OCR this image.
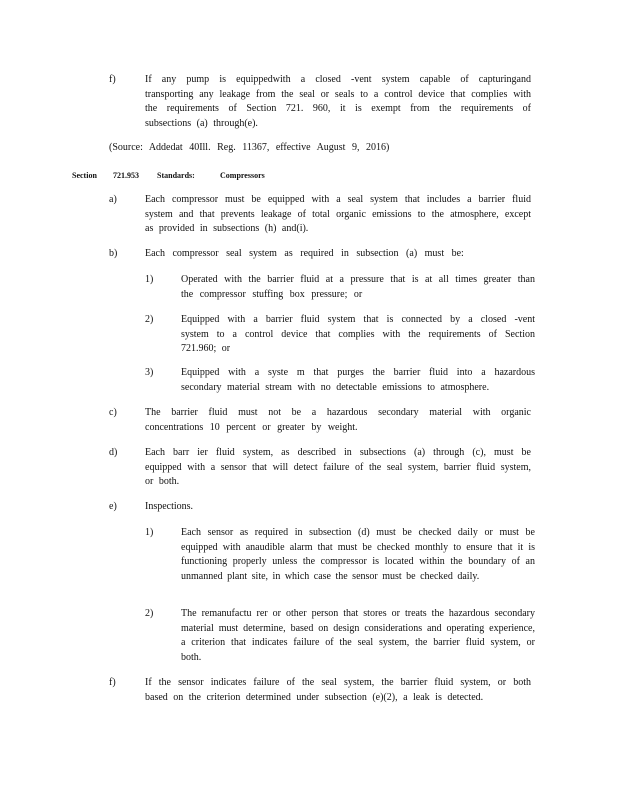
f)	If any pump is equippedwith a closed -vent system capable of capturingand transporting any leakage from the seal or seals to a control device that complies with the requirements of Section 721. 960, it is exempt from the requirements of subsections (a) through(e).
(Source: Addedat 40Ill. Reg. 11367, effective August 9, 2016)
Section 721.953 Standards:	Compressors
a)	Each compressor must be equipped with a seal system that includes a barrier fluid system and that prevents leakage of total organic emissions to the atmosphere, except as provided in subsections (h) and(i).
b)	Each compressor seal system as required in subsection (a) must be:
1)	Operated with the barrier fluid at a pressure that is at all times greater than the compressor stuffing box pressure; or
2)	Equipped with a barrier fluid system that is connected by a closed -vent system to a control device that complies with the requirements of Section 721.960; or
3)	Equipped with a syste m that purges the barrier fluid into a hazardous secondary material stream with no detectable emissions to atmosphere.
c)	The barrier fluid must not be a hazardous secondary material with organic concentrations 10 percent or greater by weight.
d)	Each barr ier fluid system, as described in subsections (a) through (c), must be equipped with a sensor that will detect failure of the seal system, barrier fluid system, or both.
e)	Inspections.
1)	Each sensor as required in subsection (d) must be checked daily or must be equipped with anaudible alarm that must be checked monthly to ensure that it is functioning properly unless the compressor is located within the boundary of an unmanned plant site, in which case the sensor must be checked daily.
2)	The remanufactu rer or other person that stores or treats the hazardous secondary material must determine, based on design considerations and operating experience, a criterion that indicates failure of the seal system, the barrier fluid system, or both.
f)	If the sensor indicates failure of the seal system, the barrier fluid system, or both based on the criterion determined under subsection (e)(2), a leak is detected.
